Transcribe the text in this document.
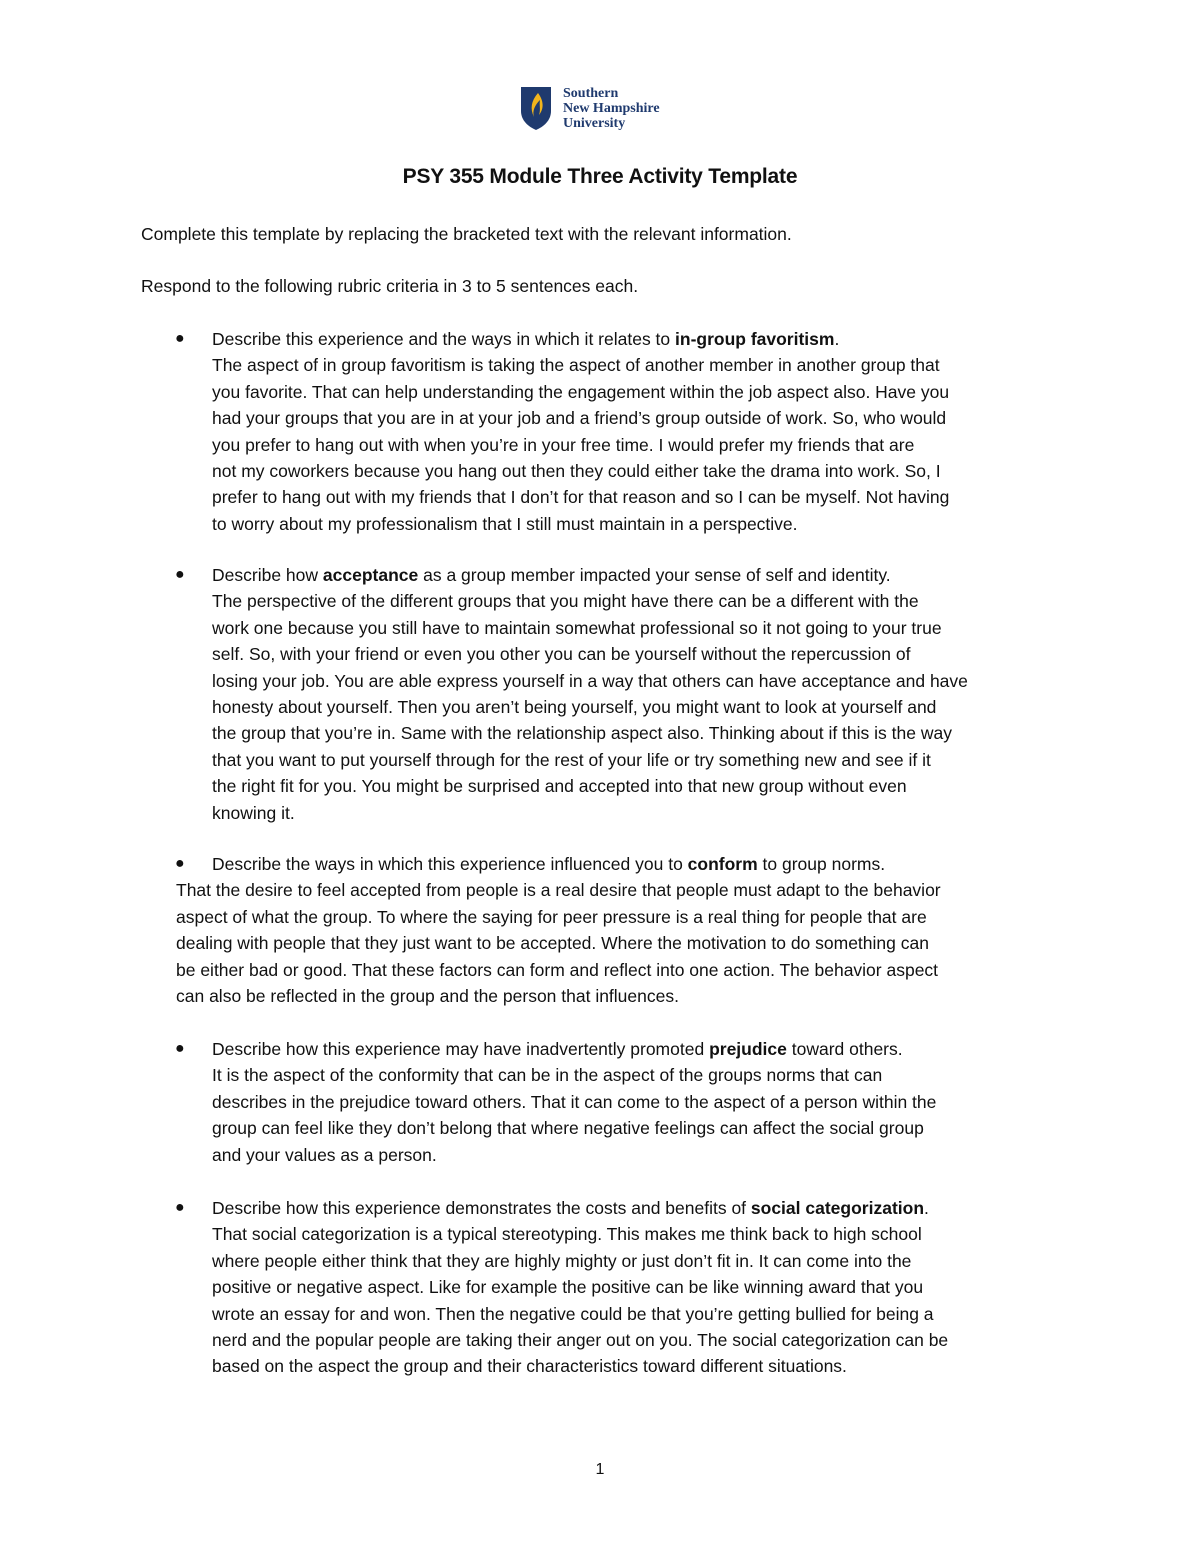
Southern
New Hampshire
University
PSY 355 Module Three Activity Template
Complete this template by replacing the bracketed text with the relevant information.
Respond to the following rubric criteria in 3 to 5 sentences each.
● Describe this experience and the ways in which it relates to in-group favoritism.
The aspect of in group favoritism is taking the aspect of another member in another group that
you favorite. That can help understanding the engagement within the job aspect also. Have you
had your groups that you are in at your job and a friend’s group outside of work. So, who would
you prefer to hang out with when you’re in your free time. I would prefer my friends that are
not my coworkers because you hang out then they could either take the drama into work. So, I
prefer to hang out with my friends that I don’t for that reason and so I can be myself. Not having
to worry about my professionalism that I still must maintain in a perspective.
● Describe how acceptance as a group member impacted your sense of self and identity.
The perspective of the different groups that you might have there can be a different with the
work one because you still have to maintain somewhat professional so it not going to your true
self. So, with your friend or even you other you can be yourself without the repercussion of
losing your job. You are able express yourself in a way that others can have acceptance and have
honesty about yourself. Then you aren’t being yourself, you might want to look at yourself and
the group that you’re in. Same with the relationship aspect also. Thinking about if this is the way
that you want to put yourself through for the rest of your life or try something new and see if it
the right fit for you. You might be surprised and accepted into that new group without even
knowing it.
● Describe the ways in which this experience influenced you to conform to group norms.
That the desire to feel accepted from people is a real desire that people must adapt to the behavior
aspect of what the group. To where the saying for peer pressure is a real thing for people that are
dealing with people that they just want to be accepted. Where the motivation to do something can
be either bad or good. That these factors can form and reflect into one action. The behavior aspect
can also be reflected in the group and the person that influences.
● Describe how this experience may have inadvertently promoted prejudice toward others.
It is the aspect of the conformity that can be in the aspect of the groups norms that can
describes in the prejudice toward others. That it can come to the aspect of a person within the
group can feel like they don’t belong that where negative feelings can affect the social group
and your values as a person.
● Describe how this experience demonstrates the costs and benefits of social categorization.
That social categorization is a typical stereotyping. This makes me think back to high school
where people either think that they are highly mighty or just don’t fit in. It can come into the
positive or negative aspect. Like for example the positive can be like winning award that you
wrote an essay for and won. Then the negative could be that you’re getting bullied for being a
nerd and the popular people are taking their anger out on you. The social categorization can be
based on the aspect the group and their characteristics toward different situations.
1
